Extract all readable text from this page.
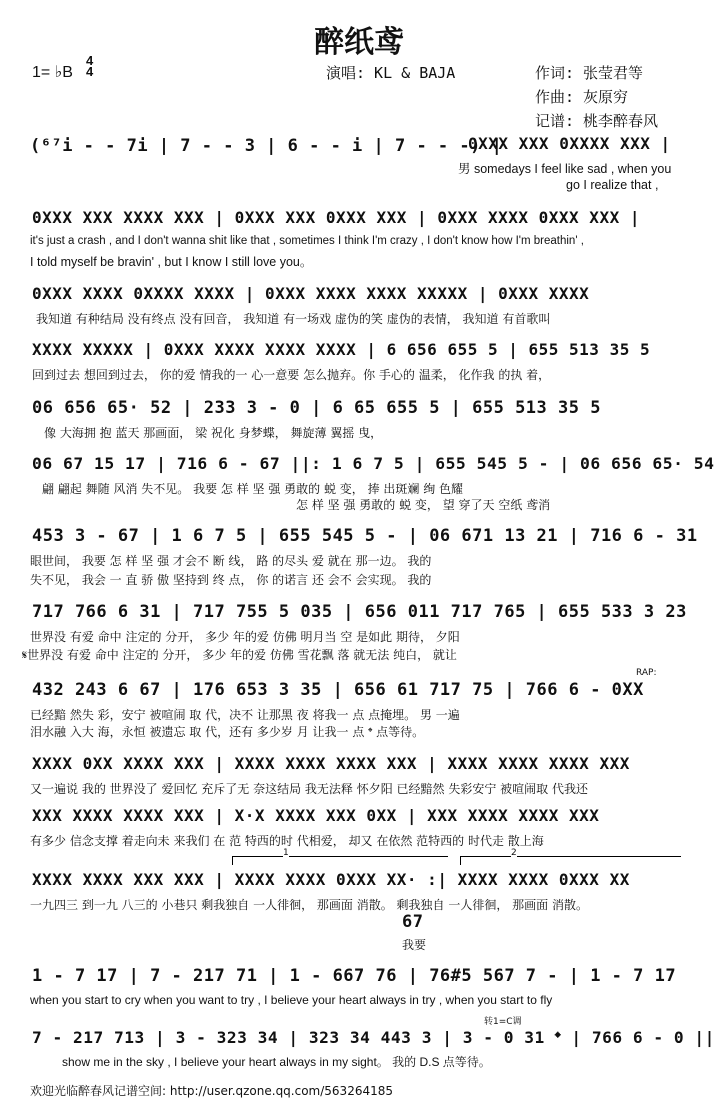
醉纸鸢
1= ♭B
4
4	演唱: KL & BAJA	作词: 张莹君等
作曲: 灰原穷
记谱: 桃李醉春风
(⁶⁷i - - 7i | 7 - - 3 | 6 - - i | 7 - - -) |
0XXX XXX 0XXXX XXX |
男 somedays I feel like sad , when you
go I realize that ,
0XXX XXX XXXX XXX | 0XXX XXX 0XXX XXX | 0XXX XXXX 0XXX XXX |
it's just a crash , and I don't wanna shit like that , sometimes I think I'm crazy , I don't know how I'm breathin' ,
I told myself be bravin' , but I know I still love you。
0XXX XXXX 0XXXX XXXX | 0XXX XXXX XXXX XXXXX | 0XXX XXXX
我知道 有种结局 没有终点 没有回音， 我知道 有一场戏 虚伪的笑 虚伪的表情， 我知道 有首歌叫
XXXX XXXXX | 0XXX XXXX XXXX XXXX | 6 656 655 5 | 655 513 35 5
回到过去 想回到过去， 你的爱 情我的一 心一意要 怎么抛弃。你 手心的 温柔， 化作我 的执 着，
06 656 65· 52 | 233 3 - 0 | 6 65 655 5 | 655 513 35 5
像 大海拥 抱 蓝天 那画面， 梁 祝化 身梦蝶， 舞旋薄 翼摇 曳，
06 67 15 17 | 716 6 - 67 ||: 1 6 7 5 | 655 545 5 - | 06 656 65· 54
翩 翩起 舞随 风消 失不见。 我要 怎 样 坚 强 勇敢的 蜕 变， 捧 出斑斓 绚 色耀
怎 样 坚 强 勇敢的 蜕 变， 望 穿了天 空纸 鸢消
453 3 - 67 | 1 6 7 5 | 655 545 5 - | 06 671 13 21 | 716 6 - 31
眼世间， 我要 怎 样 坚 强 才会不 断 线， 路 的尽头 爱 就在 那一边。 我的
失不见， 我会 一 直 骄 傲 坚持到 终 点， 你 的诺言 还 会不 会实现。 我的
717 766 6 31 | 717 755 5 035 | 656 011 717 765 | 655 533 3 23
世界没 有爱 命中 注定的 分开， 多少 年的爱 仿佛 明月当 空 是如此 期待， 夕阳
𝄋世界没 有爱 命中 注定的 分开， 多少 年的爱 仿佛 雪花飘 落 就无法 纯白， 就让
RAP:
432 243 6 67 | 176 653 3 35 | 656 61 717 75 | 766 6 - 0XX
已经黯 然失 彩，安宁 被喧闹 取 代，决不 让那黑 夜 将我一 点 点掩埋。 男 一遍
泪水融 入大 海，永恒 被遗忘 取 代，还有 多少岁 月 让我一 点 𝄌 点等待。
XXXX 0XX XXXX XXX | XXXX XXXX XXXX XXX | XXXX XXXX XXXX XXX
又一遍说 我的 世界没了 爱回忆 充斥了无 奈这结局 我无法释 怀夕阳 已经黯然 失彩安宁 被喧闹取 代我还
XXX XXXX XXXX XXX | X·X XXXX XXX 0XX | XXX XXXX XXXX XXX
有多少 信念支撑 着走向未 来我们 在 范 特西的时 代相爱， 却又 在依然 范特西的 时代走 散上海
1	2
XXXX XXXX XXX XXX | XXXX XXXX 0XXX XX· :| XXXX XXXX 0XXX XX
一九四三 到一九 八三的 小巷只 剩我独自 一人徘徊， 那画面 消散。 剩我独自 一人徘徊， 那画面 消散。
67
我要
1 - 7 17 | 7 - 217 71 | 1 - 667 76 | 76#5 567 7 - | 1 - 7 17
when you start to cry when you want to try , I believe your heart always in try , when you start to fly
转1=C调
7 - 217 713 | 3 - 323 34 | 323 34 443 3 | 3 - 0 31 𝄌 | 766 6 - 0 ||
show me in the sky , I believe your heart always in my sight。 我的 D.S 点等待。
欢迎光临醉春风记谱空间: http://user.qzone.qq.com/563264185
